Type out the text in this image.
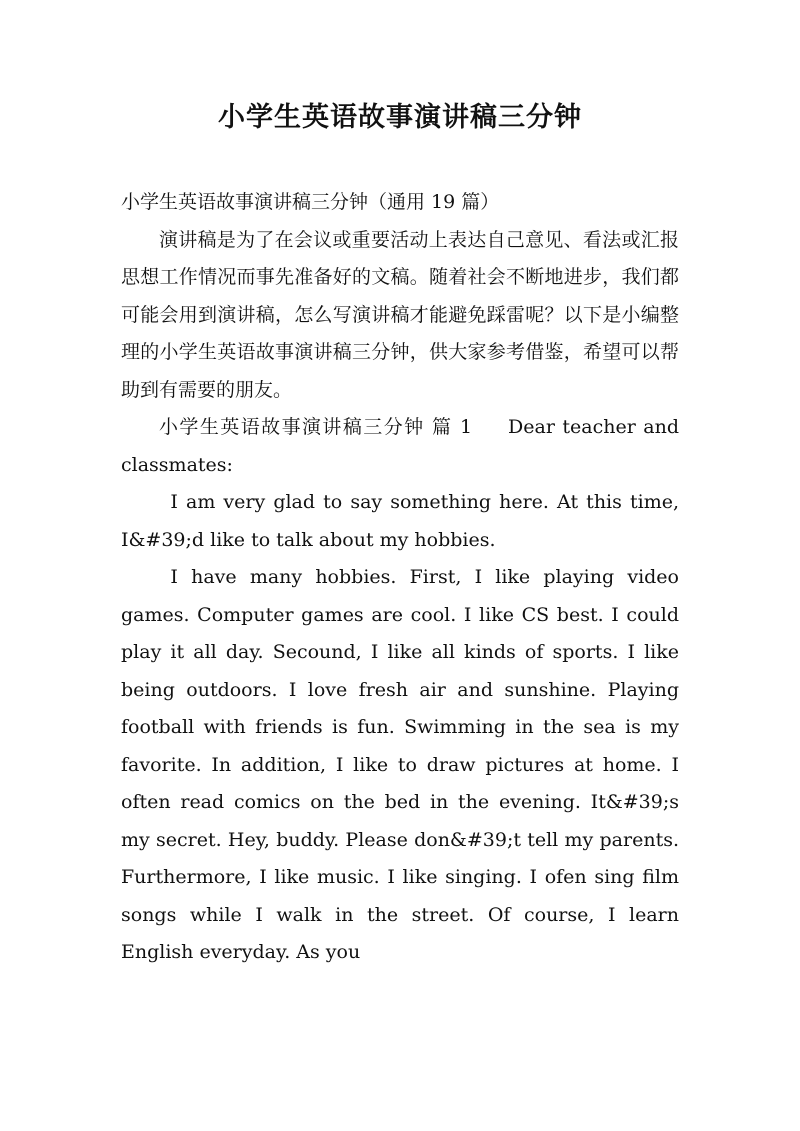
小学生英语故事演讲稿三分钟

小学生英语故事演讲稿三分钟（通用 19 篇）

演讲稿是为了在会议或重要活动上表达自己意见、看法或汇报思想工作情况而事先准备好的文稿。随着社会不断地进步，我们都可能会用到演讲稿，怎么写演讲稿才能避免踩雷呢？以下是小编整理的小学生英语故事演讲稿三分钟，供大家参考借鉴，希望可以帮助到有需要的朋友。

小学生英语故事演讲稿三分钟 篇 1 Dear teacher and classmates:

I am very glad to say something here. At this time, I&#39;d like to talk about my hobbies.

I have many hobbies. First, I like playing video games. Computer games are cool. I like CS best. I could play it all day. Secound, I like all kinds of sports. I like being outdoors. I love fresh air and sunshine. Playing football with friends is fun. Swimming in the sea is my favorite. In addition, I like to draw pictures at home. I often read comics on the bed in the evening. It&#39;s my secret. Hey, buddy. Please don&#39;t tell my parents. Furthermore, I like music. I like singing. I ofen sing film songs while I walk in the street. Of course, I learn English everyday. As you
